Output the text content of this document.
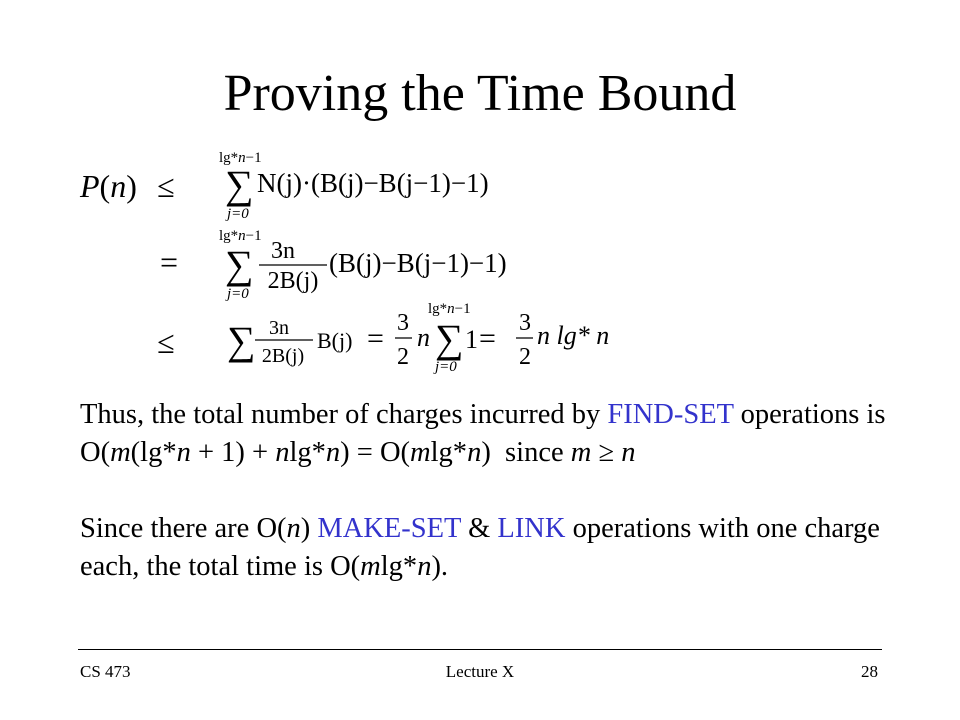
Proving the Time Bound
P(n) ≤
=
≤
lg*n−1
∑
j=0
N(j)·(B(j)−B(j−1)−1)
lg*n−1
∑
j=0
3n
2B(j)
(B(j)−B(j−1)−1)
∑ 3n
2B(j)
B(j) = 3
2
n
lg*n−1
∑
j=0
1 = 3
2
n lg* n
Thus, the total number of charges incurred by FIND-SET operations is O(m(lg*n + 1) + nlg*n) = O(mlg*n)  since m ≥ n
Since there are O(n) MAKE-SET & LINK operations with one charge each, the total time is O(mlg*n).
CS 473	Lecture X	28
